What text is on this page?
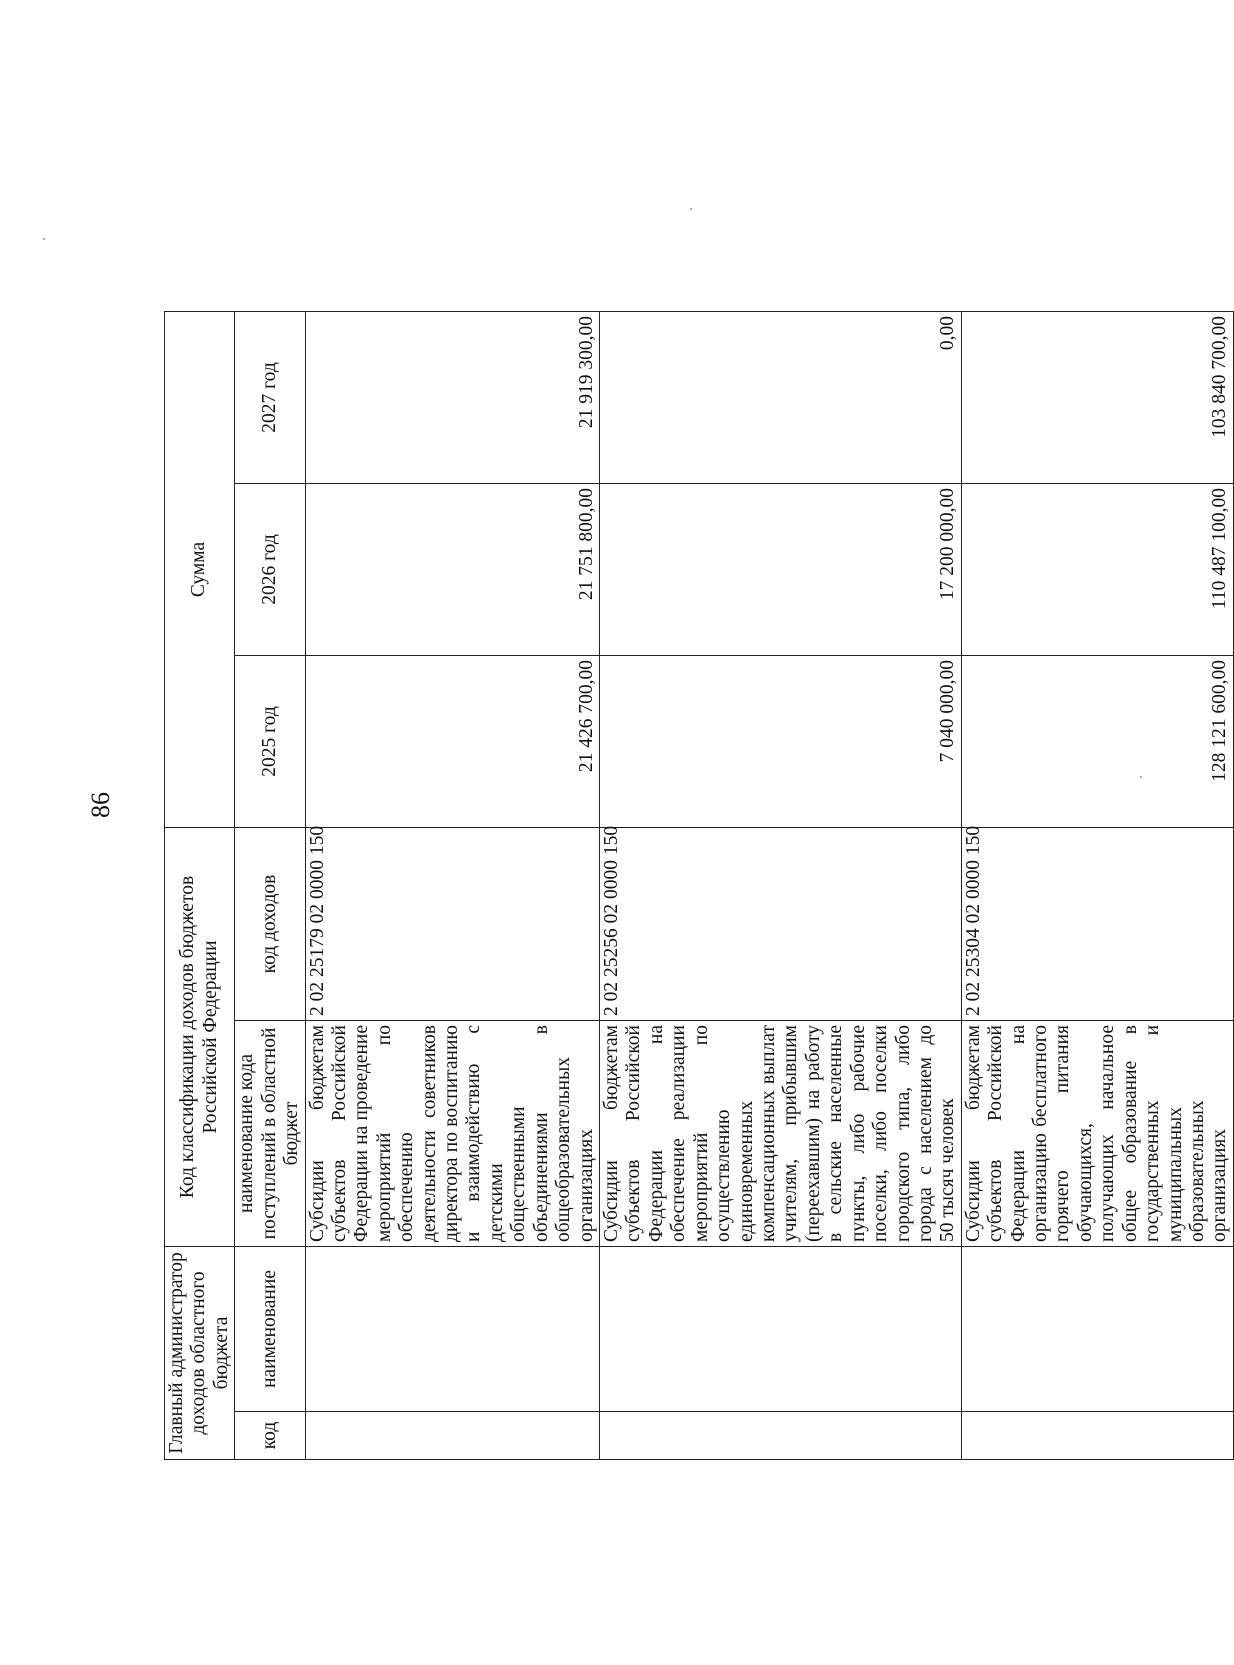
86
Главный администратор доходов областного бюджета		Код классификации доходов бюджетов Российской Федерации		Сумма		
код	наименование	наименование кода поступлений в областной бюджет	код доходов	2025 год	2026 год	2027 год
		Субсидии бюджетам субъектов Российской Федерации на проведение мероприятий по обеспечению деятельности советников директора по воспитанию и взаимодействию с детскими общественными объединениями в общеобразовательных организациях	2 02 25179 02 0000 150	21 426 700,00	21 751 800,00	21 919 300,00
		Субсидии бюджетам субъектов Российской Федерации на обеспечение реализации мероприятий по осуществлению единовременных компенсационных выплат учителям, прибывшим (переехавшим) на работу в сельские населенные пункты, либо рабочие поселки, либо поселки городского типа, либо города с населением до 50 тысяч человек	2 02 25256 02 0000 150	7 040 000,00	17 200 000,00	0,00
		Субсидии бюджетам субъектов Российской Федерации на организацию бесплатного горячего питания обучающихся, получающих начальное общее образование в государственных и муниципальных образовательных организациях	2 02 25304 02 0000 150	128 121 600,00	110 487 100,00	103 840 700,00
